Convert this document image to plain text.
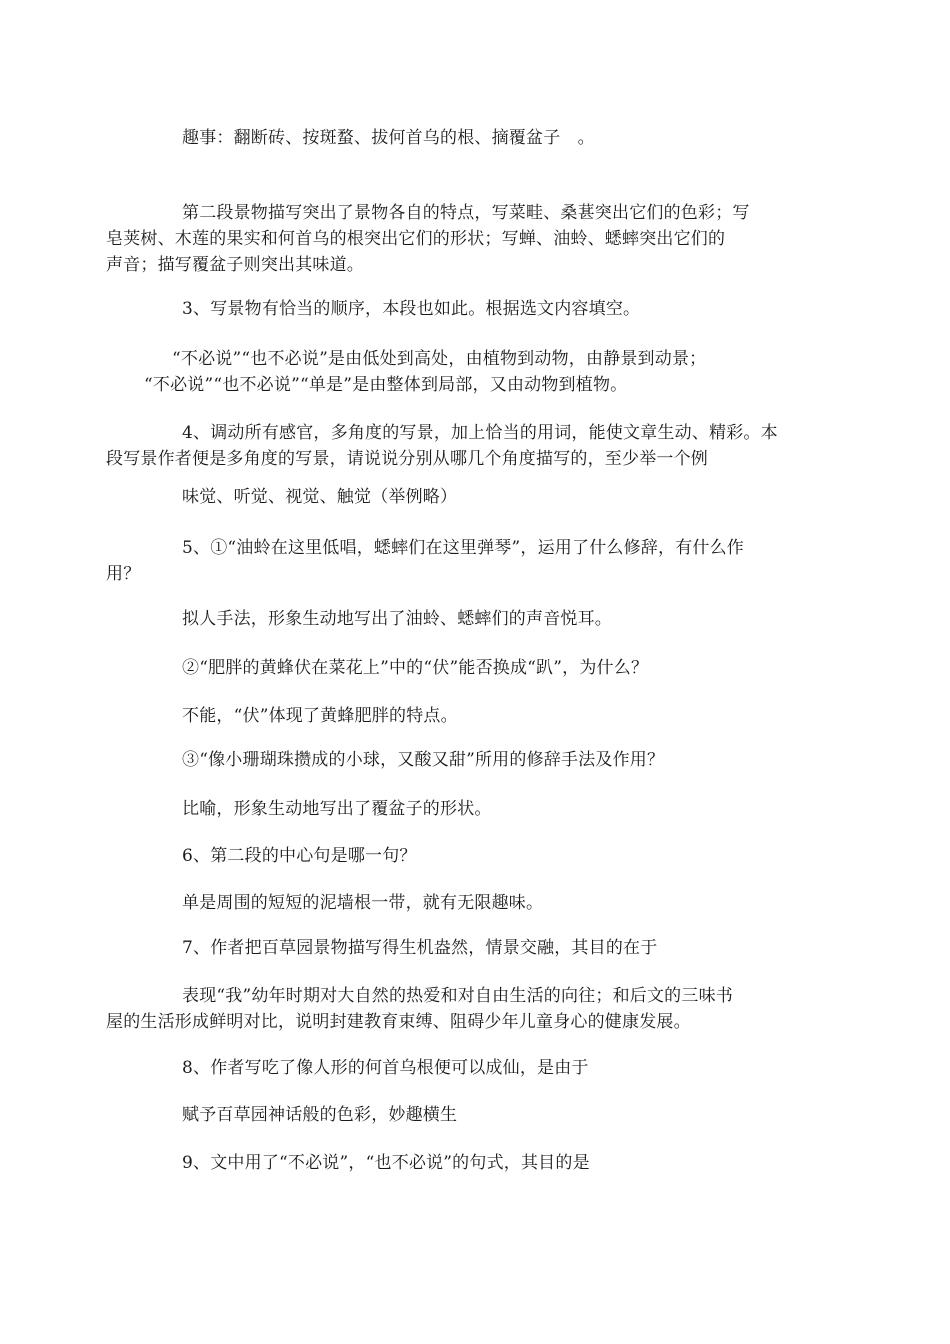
趣事：翻断砖、按斑蝥、拔何首乌的根、摘覆盆子　。

第二段景物描写突出了景物各自的特点，写菜畦、桑葚突出它们的色彩；写
皂荚树、木莲的果实和何首乌的根突出它们的形状；写蝉、油蛉、蟋蟀突出它们的
声音；描写覆盆子则突出其味道。

3、写景物有恰当的顺序，本段也如此。根据选文内容填空。

“不必说”“也不必说”是由低处到高处，由植物到动物，由静景到动景；
“不必说”“也不必说”“单是”是由整体到局部，又由动物到植物。

4、调动所有感官，多角度的写景，加上恰当的用词，能使文章生动、精彩。本
段写景作者便是多角度的写景，请说说分别从哪几个角度描写的，至少举一个例

味觉、听觉、视觉、触觉（举例略）

5、①“油蛉在这里低唱，蟋蟀们在这里弹琴”，运用了什么修辞，有什么作
用？

拟人手法，形象生动地写出了油蛉、蟋蟀们的声音悦耳。

②“肥胖的黄蜂伏在菜花上”中的“伏”能否换成“趴”，为什么？

不能，“伏”体现了黄蜂肥胖的特点。

③“像小珊瑚珠攒成的小球，又酸又甜”所用的修辞手法及作用？

比喻，形象生动地写出了覆盆子的形状。

6、第二段的中心句是哪一句？

单是周围的短短的泥墙根一带，就有无限趣味。

7、作者把百草园景物描写得生机盎然，情景交融，其目的在于

表现“我”幼年时期对大自然的热爱和对自由生活的向往；和后文的三味书
屋的生活形成鲜明对比，说明封建教育束缚、阻碍少年儿童身心的健康发展。

8、作者写吃了像人形的何首乌根便可以成仙，是由于

赋予百草园神话般的色彩，妙趣横生

9、文中用了“不必说”，“也不必说”的句式，其目的是
